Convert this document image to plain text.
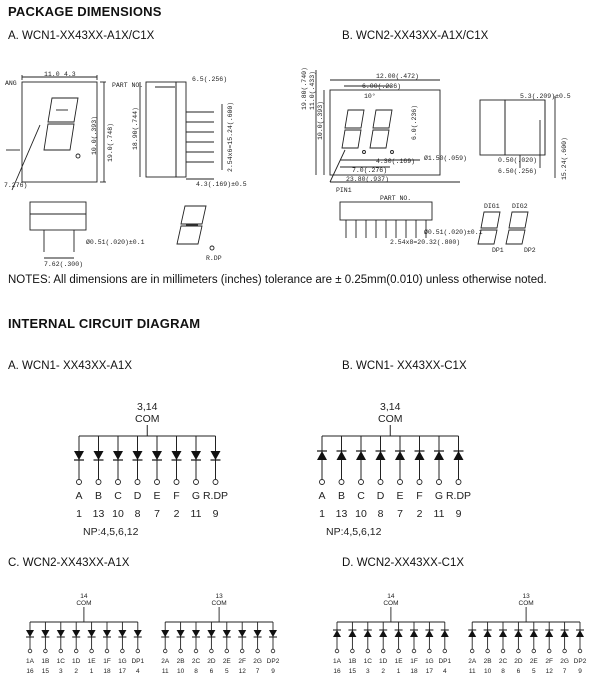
PACKAGE DIMENSIONS
A. WCN1-XX43XX-A1X/C1X	B. WCN2-XX43XX-A1X/C1X
NOTES: All dimensions are in millimeters (inches) tolerance are ± 0.25mm(0.010) unless otherwise noted.
INTERNAL CIRCUIT DIAGRAM
A. WCN1- XX43XX-A1X	B. WCN1- XX43XX-C1X
C. WCN2-XX43XX-A1X	D. WCN2-XX43XX-C1X
11.0 4.3
ANG
19.0(.748)
10.0(.393)
7.276)
PART NO.
6.5(.256)
18.90(.744)	2.54x6=15.24(.600)
4.3(.169)±0.5
Ø0.51(.020)±0.1
7.62(.300)
R.DP
12.00(.472)
6.00(.236)
10°
19.80(.740) 11.0(.433)
10.0(.393)	6.0(.236)
4.30(.169)
7.0(.276)
23.80(.937)
Ø1.50(.059)
PIN1
PART NO.
5.3(.209)±0.5
0.50(.020)
6.50(.256)	15.24(.600)
Ø0.51(.020)±0.1
2.54x8=20.32(.800)
DIG1 DIG2
DP1	DP2
3,14
COM
A
1
B
13
C
10
D
8
E
7
F
2
G
11
R.DP
9
NP:4,5,6,12
3,14
COM
A
1
B
13
C
10
D
8
E
7
F
2
G
11
R.DP
9
NP:4,5,6,12
14
COM
1A
16
1B
15
1C
3
1D
2
1E
1
1F
18
1G
17
DP1
4
13
COM
2A
11
2B
10
2C
8
2D
6
2E
5
2F
12
2G
7
DP2
9
14
COM
1A
16
1B
15
1C
3
1D
2
1E
1
1F
18
1G
17
DP1
4
13
COM
2A
11
2B
10
2C
8
2D
6
2E
5
2F
12
2G
7
DP2
9
